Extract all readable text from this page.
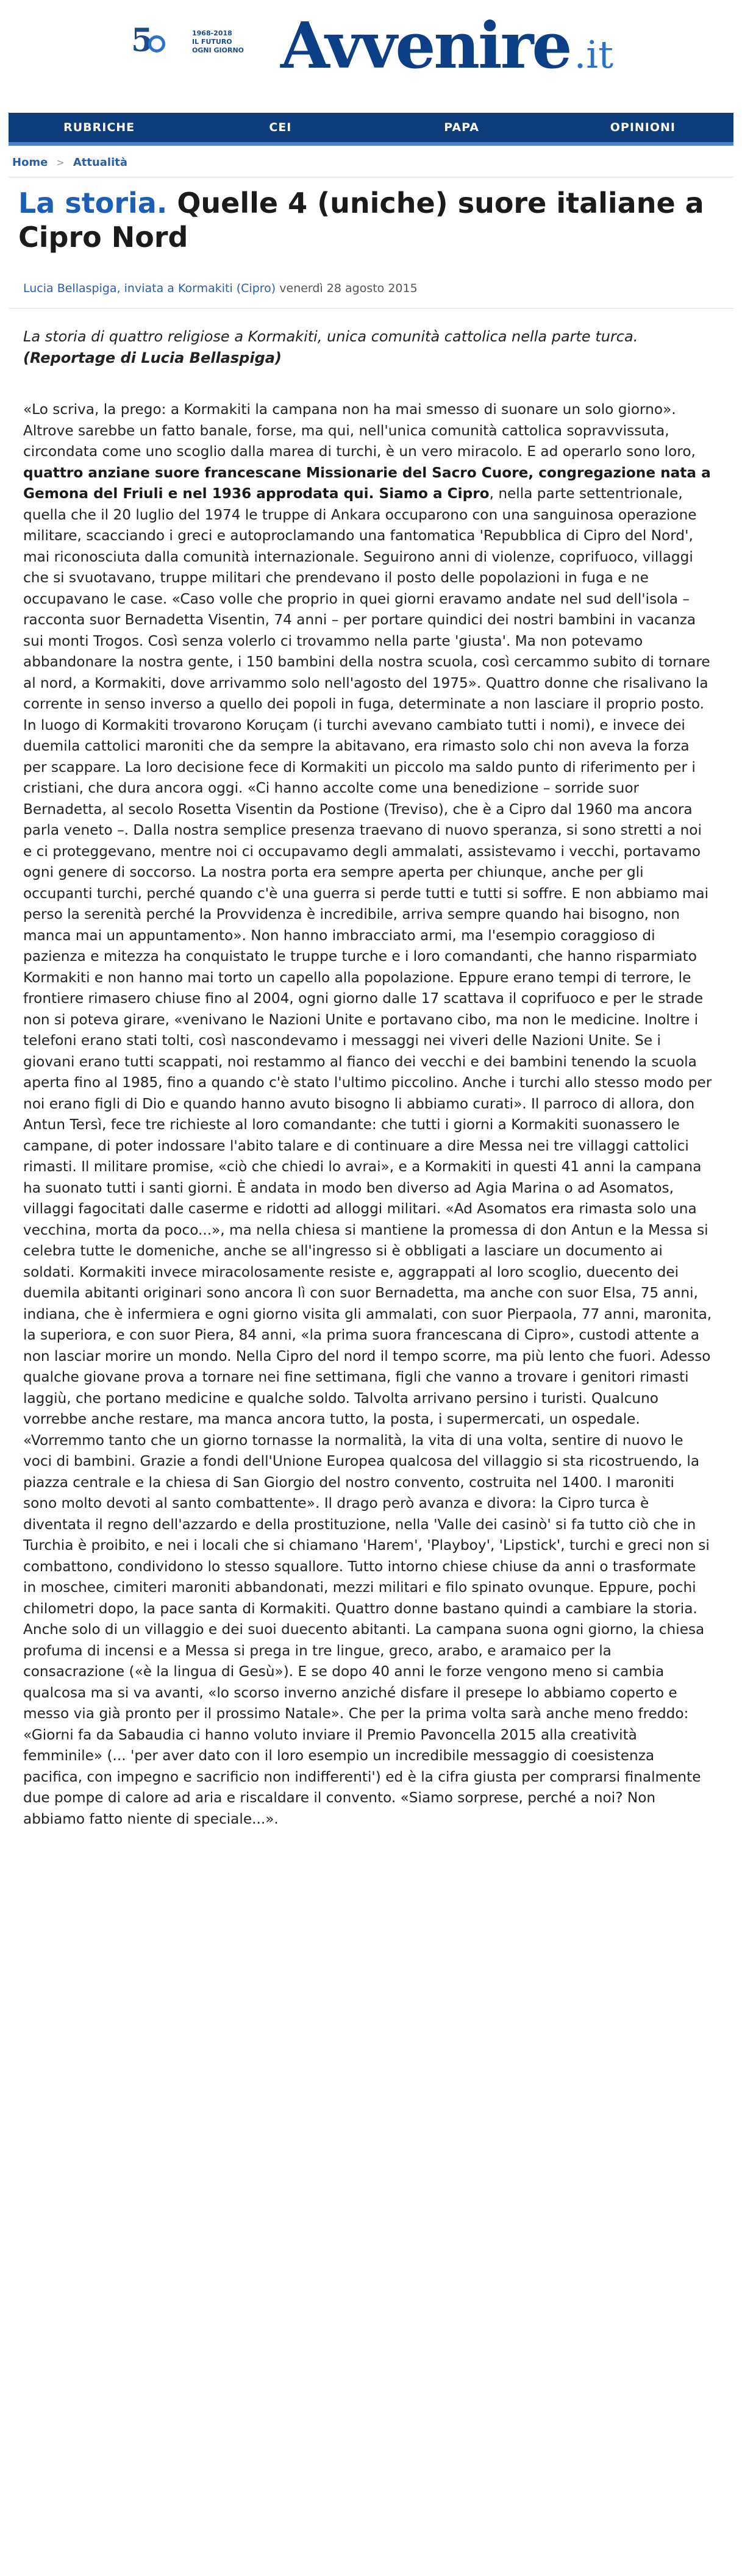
5	1968-2018
IL FUTURO
OGNI GIORNO Avvenire.it
RUBRICHE	CEI	PAPA	OPINIONI
Home > Attualità
La storia. Quelle 4 (uniche) suore italiane a Cipro Nord
Lucia Bellaspiga, inviata a Kormakiti (Cipro) venerdì 28 agosto 2015
La storia di quattro religiose a Kormakiti, unica comunità cattolica nella parte turca. (Reportage di Lucia Bellaspiga)

«Lo scriva, la prego: a Kormakiti la campana non ha mai smesso di suonare un solo giorno». Altrove sarebbe un fatto banale, forse, ma qui, nell'unica comunità cattolica sopravvissuta, circondata come uno scoglio dalla marea di turchi, è un vero miracolo. E ad operarlo sono loro, quattro anziane suore francescane Missionarie del Sacro Cuore, congregazione nata a Gemona del Friuli e nel 1936 approdata qui. Siamo a Cipro, nella parte settentrionale, quella che il 20 luglio del 1974 le truppe di Ankara occuparono con una sanguinosa operazione militare, scacciando i greci e autoproclamando una fantomatica 'Repubblica di Cipro del Nord', mai riconosciuta dalla comunità internazionale. Seguirono anni di violenze, coprifuoco, villaggi che si svuotavano, truppe militari che prendevano il posto delle popolazioni in fuga e ne occupavano le case. «Caso volle che proprio in quei giorni eravamo andate nel sud dell'isola – racconta suor Bernadetta Visentin, 74 anni – per portare quindici dei nostri bambini in vacanza sui monti Trogos. Così senza volerlo ci trovammo nella parte 'giusta'. Ma non potevamo abbandonare la nostra gente, i 150 bambini della nostra scuola, così cercammo subito di tornare al nord, a Kormakiti, dove arrivammo solo nell'agosto del 1975». Quattro donne che risalivano la corrente in senso inverso a quello dei popoli in fuga, determinate a non lasciare il proprio posto. In luogo di Kormakiti trovarono Koruçam (i turchi avevano cambiato tutti i nomi), e invece dei duemila cattolici maroniti che da sempre la abitavano, era rimasto solo chi non aveva la forza per scappare. La loro decisione fece di Kormakiti un piccolo ma saldo punto di riferimento per i cristiani, che dura ancora oggi. «Ci hanno accolte come una benedizione – sorride suor Bernadetta, al secolo Rosetta Visentin da Postione (Treviso), che è a Cipro dal 1960 ma ancora parla veneto –. Dalla nostra semplice presenza traevano di nuovo speranza, si sono stretti a noi e ci proteggevano, mentre noi ci occupavamo degli ammalati, assistevamo i vecchi, portavamo ogni genere di soccorso. La nostra porta era sempre aperta per chiunque, anche per gli occupanti turchi, perché quando c'è una guerra si perde tutti e tutti si soffre. E non abbiamo mai perso la serenità perché la Provvidenza è incredibile, arriva sempre quando hai bisogno, non manca mai un appuntamento». Non hanno imbracciato armi, ma l'esempio coraggioso di pazienza e mitezza ha conquistato le truppe turche e i loro comandanti, che hanno risparmiato Kormakiti e non hanno mai torto un capello alla popolazione. Eppure erano tempi di terrore, le frontiere rimasero chiuse fino al 2004, ogni giorno dalle 17 scattava il coprifuoco e per le strade non si poteva girare, «venivano le Nazioni Unite e portavano cibo, ma non le medicine. Inoltre i telefoni erano stati tolti, così nascondevamo i messaggi nei viveri delle Nazioni Unite. Se i giovani erano tutti scappati, noi restammo al fianco dei vecchi e dei bambini tenendo la scuola aperta fino al 1985, fino a quando c'è stato l'ultimo piccolino. Anche i turchi allo stesso modo per noi erano figli di Dio e quando hanno avuto bisogno li abbiamo curati». Il parroco di allora, don Antun Tersì, fece tre richieste al loro comandante: che tutti i giorni a Kormakiti suonassero le campane, di poter indossare l'abito talare e di continuare a dire Messa nei tre villaggi cattolici rimasti. Il militare promise, «ciò che chiedi lo avrai», e a Kormakiti in questi 41 anni la campana ha suonato tutti i santi giorni. È andata in modo ben diverso ad Agia Marina o ad Asomatos, villaggi fagocitati dalle caserme e ridotti ad alloggi militari. «Ad Asomatos era rimasta solo una vecchina, morta da poco...», ma nella chiesa si mantiene la promessa di don Antun e la Messa si celebra tutte le domeniche, anche se all'ingresso si è obbligati a lasciare un documento ai soldati. Kormakiti invece miracolosamente resiste e, aggrappati al loro scoglio, duecento dei duemila abitanti originari sono ancora lì con suor Bernadetta, ma anche con suor Elsa, 75 anni, indiana, che è infermiera e ogni giorno visita gli ammalati, con suor Pierpaola, 77 anni, maronita, la superiora, e con suor Piera, 84 anni, «la prima suora francescana di Cipro», custodi attente a non lasciar morire un mondo. Nella Cipro del nord il tempo scorre, ma più lento che fuori. Adesso qualche giovane prova a tornare nei fine settimana, figli che vanno a trovare i genitori rimasti laggiù, che portano medicine e qualche soldo. Talvolta arrivano persino i turisti. Qualcuno vorrebbe anche restare, ma manca ancora tutto, la posta, i supermercati, un ospedale. «Vorremmo tanto che un giorno tornasse la normalità, la vita di una volta, sentire di nuovo le voci di bambini. Grazie a fondi dell'Unione Europea qualcosa del villaggio si sta ricostruendo, la piazza centrale e la chiesa di San Giorgio del nostro convento, costruita nel 1400. I maroniti sono molto devoti al santo combattente». Il drago però avanza e divora: la Cipro turca è diventata il regno dell'azzardo e della prostituzione, nella 'Valle dei casinò' si fa tutto ciò che in Turchia è proibito, e nei i locali che si chiamano 'Harem', 'Playboy', 'Lipstick', turchi e greci non si combattono, condividono lo stesso squallore. Tutto intorno chiese chiuse da anni o trasformate in moschee, cimiteri maroniti abbandonati, mezzi militari e filo spinato ovunque. Eppure, pochi chilometri dopo, la pace santa di Kormakiti. Quattro donne bastano quindi a cambiare la storia. Anche solo di un villaggio e dei suoi duecento abitanti. La campana suona ogni giorno, la chiesa profuma di incensi e a Messa si prega in tre lingue, greco, arabo, e aramaico per la consacrazione («è la lingua di Gesù»). E se dopo 40 anni le forze vengono meno si cambia qualcosa ma si va avanti, «lo scorso inverno anziché disfare il presepe lo abbiamo coperto e messo via già pronto per il prossimo Natale». Che per la prima volta sarà anche meno freddo: «Giorni fa da Sabaudia ci hanno voluto inviare il Premio Pavoncella 2015 alla creatività femminile» (... 'per aver dato con il loro esempio un incredibile messaggio di coesistenza pacifica, con impegno e sacrificio non indifferenti') ed è la cifra giusta per comprarsi finalmente due pompe di calore ad aria e riscaldare il convento. «Siamo sorprese, perché a noi? Non abbiamo fatto niente di speciale...».
